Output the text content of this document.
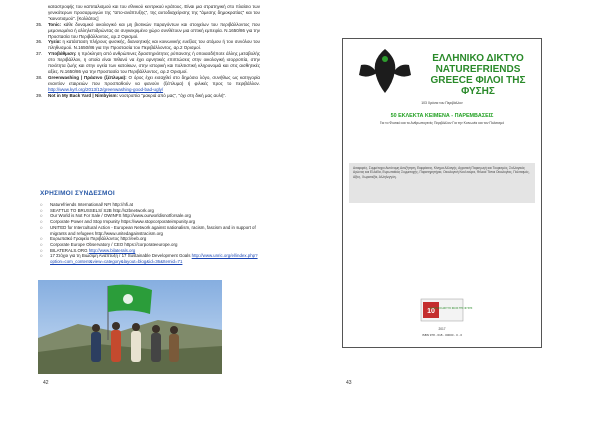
καταστροφής του καπιταλισμού και του εθνικού κεντρικού κράτους. Είναι μια στρατηγική στο πλαίσιο των γενικότερων προσαρμογών της "απο-ανάπτυξης", της αυτοδιαχείρισης της "άμεσης δημοκρατίας" και του "κοινοτισμού". [Κολλάτος]

35.	Tonic: κάθε δυναμικό οικολογικό και μη βιοτικών παραγόντων και στοιχείων του περιβάλλοντος που μεμονωμένα ή αλληλεπιδρώντας σε συγκεκριμένο χώρο συνθέτουν μια οπτική εμπειρία. Ν.1650/86 για την Προστασία του Περιβάλλοντος, αρ.2 Ορισμοί.
36.	Υγεία: η κατάσταση πλήρους φυσικής, διανοητικής και κοινωνικής ευεξίας του ατόμου ή του συνόλου του πληθυσμού. Ν.1650/86 για την Προστασία του Περιβάλλοντος, αρ.2 Ορισμοί.
37.	Υποβάθμιση: η πρόκληση από ανθρώπινες δραστηριότητες ρύπανσης ή οποιασδήποτε άλλης μεταβολής στο περιβάλλον, η οποία είναι πιθανό να έχει αρνητικές επιπτώσεις στην οικολογική ισορροπία, στην ποιότητα ζωής και στην υγεία των κατοίκων, στην ιστορική και πολιτιστική κληρονομιά και στις αισθητικές αξίες. Ν.1650/86 για την Προστασία του Περιβάλλοντος, αρ.2 Ορισμοί.
38.	Greenwashing | Πράσινο (ξέπλυμα): Ο όρος έχει εισαχθεί στο δημόσιο λόγο, συνήθως ως κατηγορία εναντίον εταιρειών που προσπαθούν να φανούν (ξέπλυμα) ή φιλικές προς το περιβάλλον. http://www.kyrl.org/2013/12/greenwashing-good-bad-ugly/
39.	Not in My Back Yard | Nimbyism: νοοτροπία "μακριά από μας", "όχι στη δική μας αυλή".
ΧΡΗΣΙΜΟΙ ΣΥΝΔΕΣΜΟΙ
○	Naturefriends International/ NFI http://nfi.at
○	SEATTLE TO BRUSSELS/ S2B http://s2bnetwork.org
○	Our World is Not For Sale / OWINFS http://www.ourworldisnotforsale.org
○	Corporate Power and Stop Impunity https://www.stopcorporateimpunity.org
○	UNITED for Intercultural Action - European Network against nationalism, racism, fascism and in support of migrants and refugees http://www.unitedagainstracism.org
○	Ευρωπαϊκό Γραφείο Περιβάλλοντος http://eeb.org
○	Corporate Europe Observatory / CEO https://corporateeurope.org
○	BILATERALS.ORG http://www.bilaterals.org
○	17 Στόχοι για τη Βιώσιμη Ανάπτυξη / 17 Sustainable Development Goals http://www.unric.org/el/index.php?option=com_content&view=category&layout=blog&id=36&Itemid=71
42
ΕΛΛΗΝΙΚΟ ΔΙΚΤΥΟ NATUREFRIENDS GREECE ΦΙΛΟΙ ΤΗΣ ΦΥΣΗΣ
103 Χρόνια του Περιβάλλον
50 ΕΚΛΕΚΤΑ ΚΕΙΜΕΝΑ - ΠΑΡΕΜΒΑΣΕΙΣ
Για το Φυσικό και το Ανθρωπογενές Περιβάλλον Για την Κοινωνία και τον Πολιτισμό
Αναφορές, Συμμέτοχοι Αυτόνομη Αναζήτηση, Εκφράσεις, Κίνημα Αλλαγής, Αγροτική Παραγωγή και Τουρισμός, Συλλογικός Αγώνας και Ελλάδα, Ευρωπαϊκός Συμμετοχής, Παρατηρητήρια, Οικολογική Κουλτούρα, Φιλικοί Τόποι Οικολογίας, Πολιτισμός, Αξίες, Χωροταξία, Αλληλεγγύη.
10
ΕΛΛΗΝΙΚΟ ΔΙΚΤΥΟ ΦΙΛΟΙ ΤΗΣ ΦΥΣΗΣ
2017
ISBN 978 - 618 - 00000 - 0 - 0
43
